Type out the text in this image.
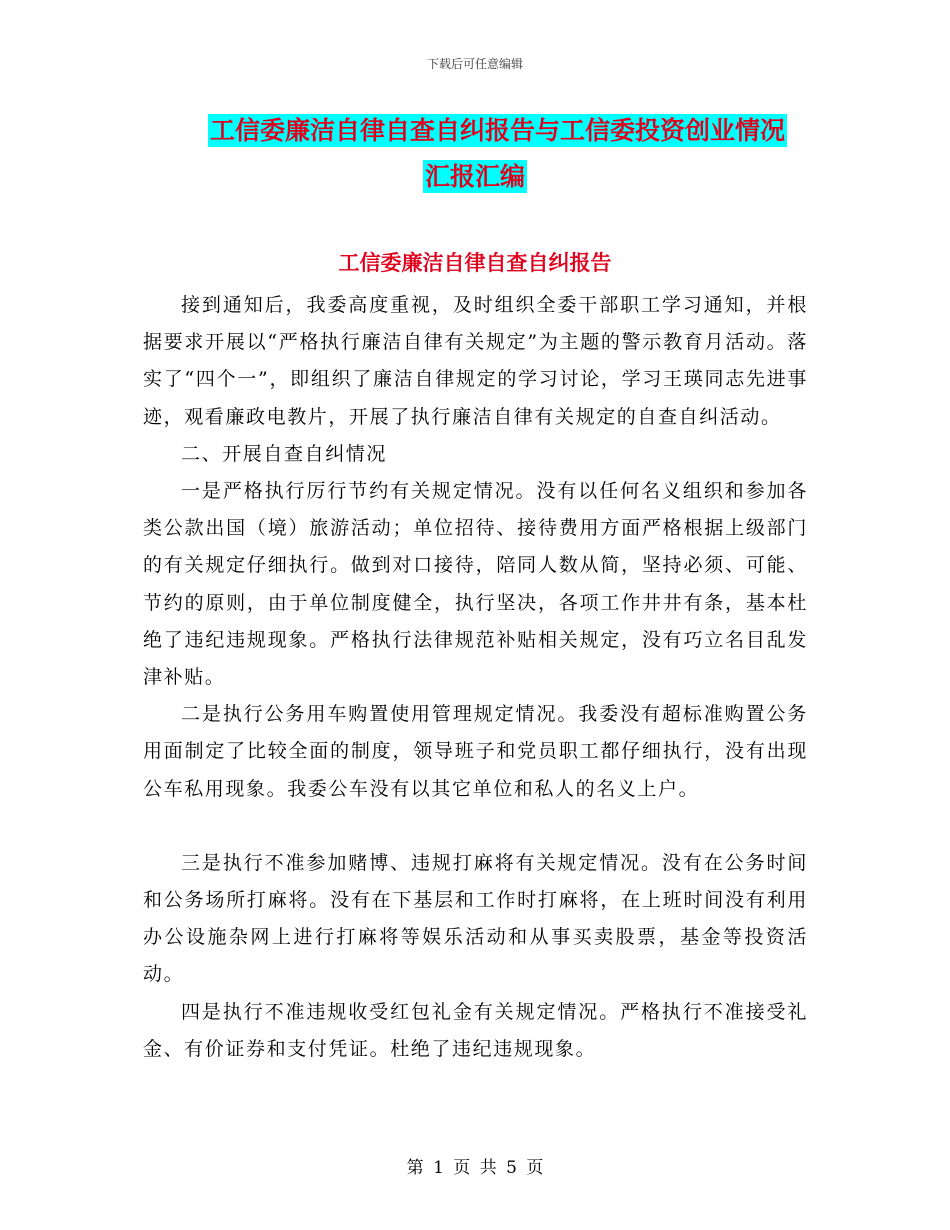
下载后可任意编辑
工信委廉洁自律自查自纠报告与工信委投资创业情况
汇报汇编
工信委廉洁自律自查自纠报告

接到通知后，我委高度重视，及时组织全委干部职工学习通知，并根据要求开展以“严格执行廉洁自律有关规定”为主题的警示教育月活动。落实了“四个一”，即组织了廉洁自律规定的学习讨论，学习王瑛同志先进事迹，观看廉政电教片，开展了执行廉洁自律有关规定的自查自纠活动。

二、开展自查自纠情况

一是严格执行厉行节约有关规定情况。没有以任何名义组织和参加各类公款出国（境）旅游活动；单位招待、接待费用方面严格根据上级部门的有关规定仔细执行。做到对口接待，陪同人数从简，坚持必须、可能、节约的原则，由于单位制度健全，执行坚决，各项工作井井有条，基本杜绝了违纪违规现象。严格执行法律规范补贴相关规定，没有巧立名目乱发津补贴。

二是执行公务用车购置使用管理规定情况。我委没有超标准购置公务用面制定了比较全面的制度，领导班子和党员职工都仔细执行，没有出现公车私用现象。我委公车没有以其它单位和私人的名义上户。

三是执行不准参加赌博、违规打麻将有关规定情况。没有在公务时间和公务场所打麻将。没有在下基层和工作时打麻将，在上班时间没有利用办公设施杂网上进行打麻将等娱乐活动和从事买卖股票，基金等投资活动。

四是执行不准违规收受红包礼金有关规定情况。严格执行不准接受礼金、有价证券和支付凭证。杜绝了违纪违规现象。

第 1 页 共 5 页
